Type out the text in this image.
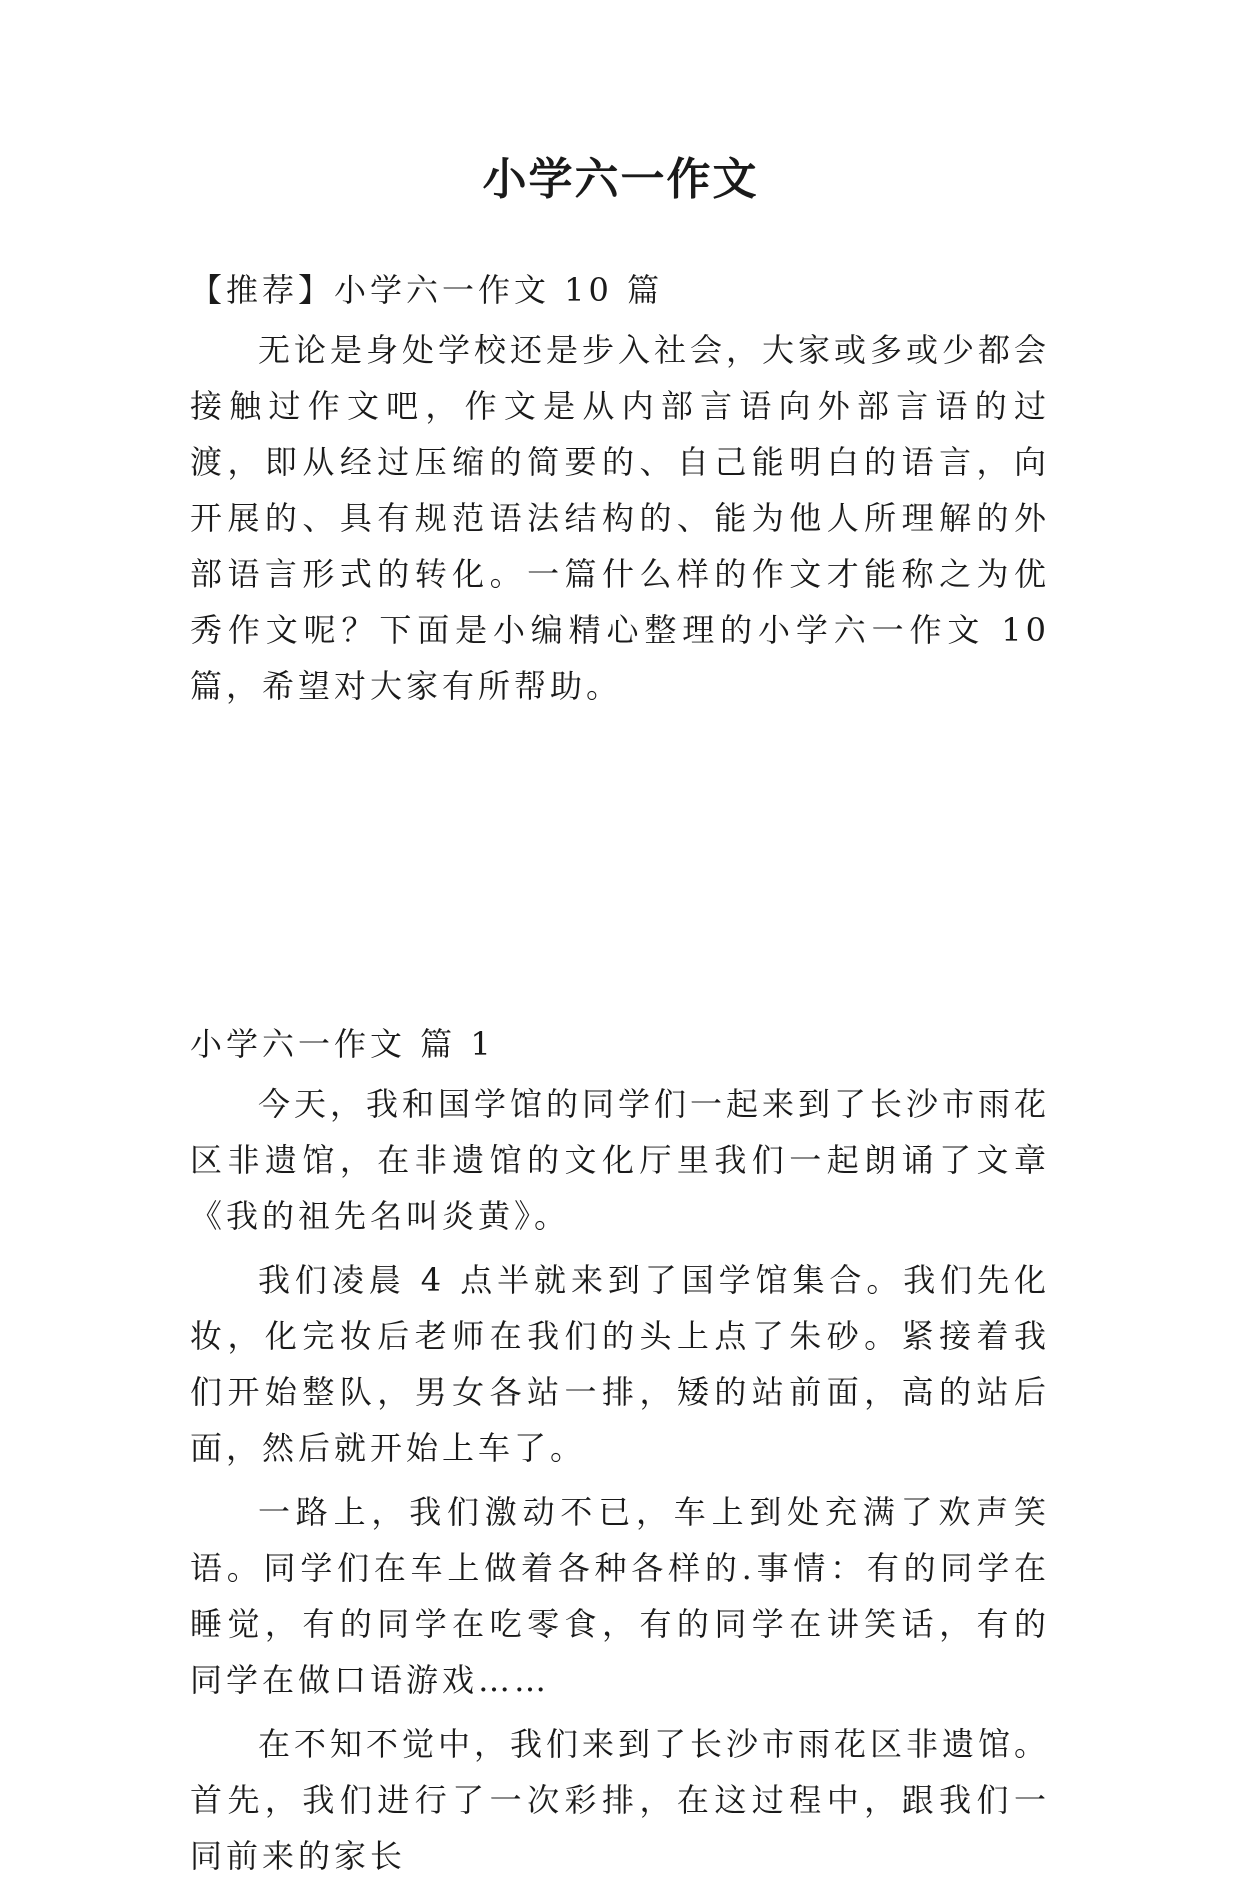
小学六一作文

【推荐】小学六一作文 10 篇

无论是身处学校还是步入社会，大家或多或少都会接触过作文吧，作文是从内部言语向外部言语的过渡，即从经过压缩的简要的、自己能明白的语言，向开展的、具有规范语法结构的、能为他人所理解的外部语言形式的转化。一篇什么样的作文才能称之为优秀作文呢？下面是小编精心整理的小学六一作文 10 篇，希望对大家有所帮助。

小学六一作文 篇 1

今天，我和国学馆的同学们一起来到了长沙市雨花区非遗馆，在非遗馆的文化厅里我们一起朗诵了文章《我的祖先名叫炎黄》。

我们凌晨 4 点半就来到了国学馆集合。我们先化妆，化完妆后老师在我们的头上点了朱砂。紧接着我们开始整队，男女各站一排，矮的站前面，高的站后面，然后就开始上车了。

一路上，我们激动不已，车上到处充满了欢声笑语。同学们在车上做着各种各样的.事情：有的同学在睡觉，有的同学在吃零食，有的同学在讲笑话，有的同学在做口语游戏……

在不知不觉中，我们来到了长沙市雨花区非遗馆。首先，我们进行了一次彩排，在这过程中，跟我们一同前来的家长
